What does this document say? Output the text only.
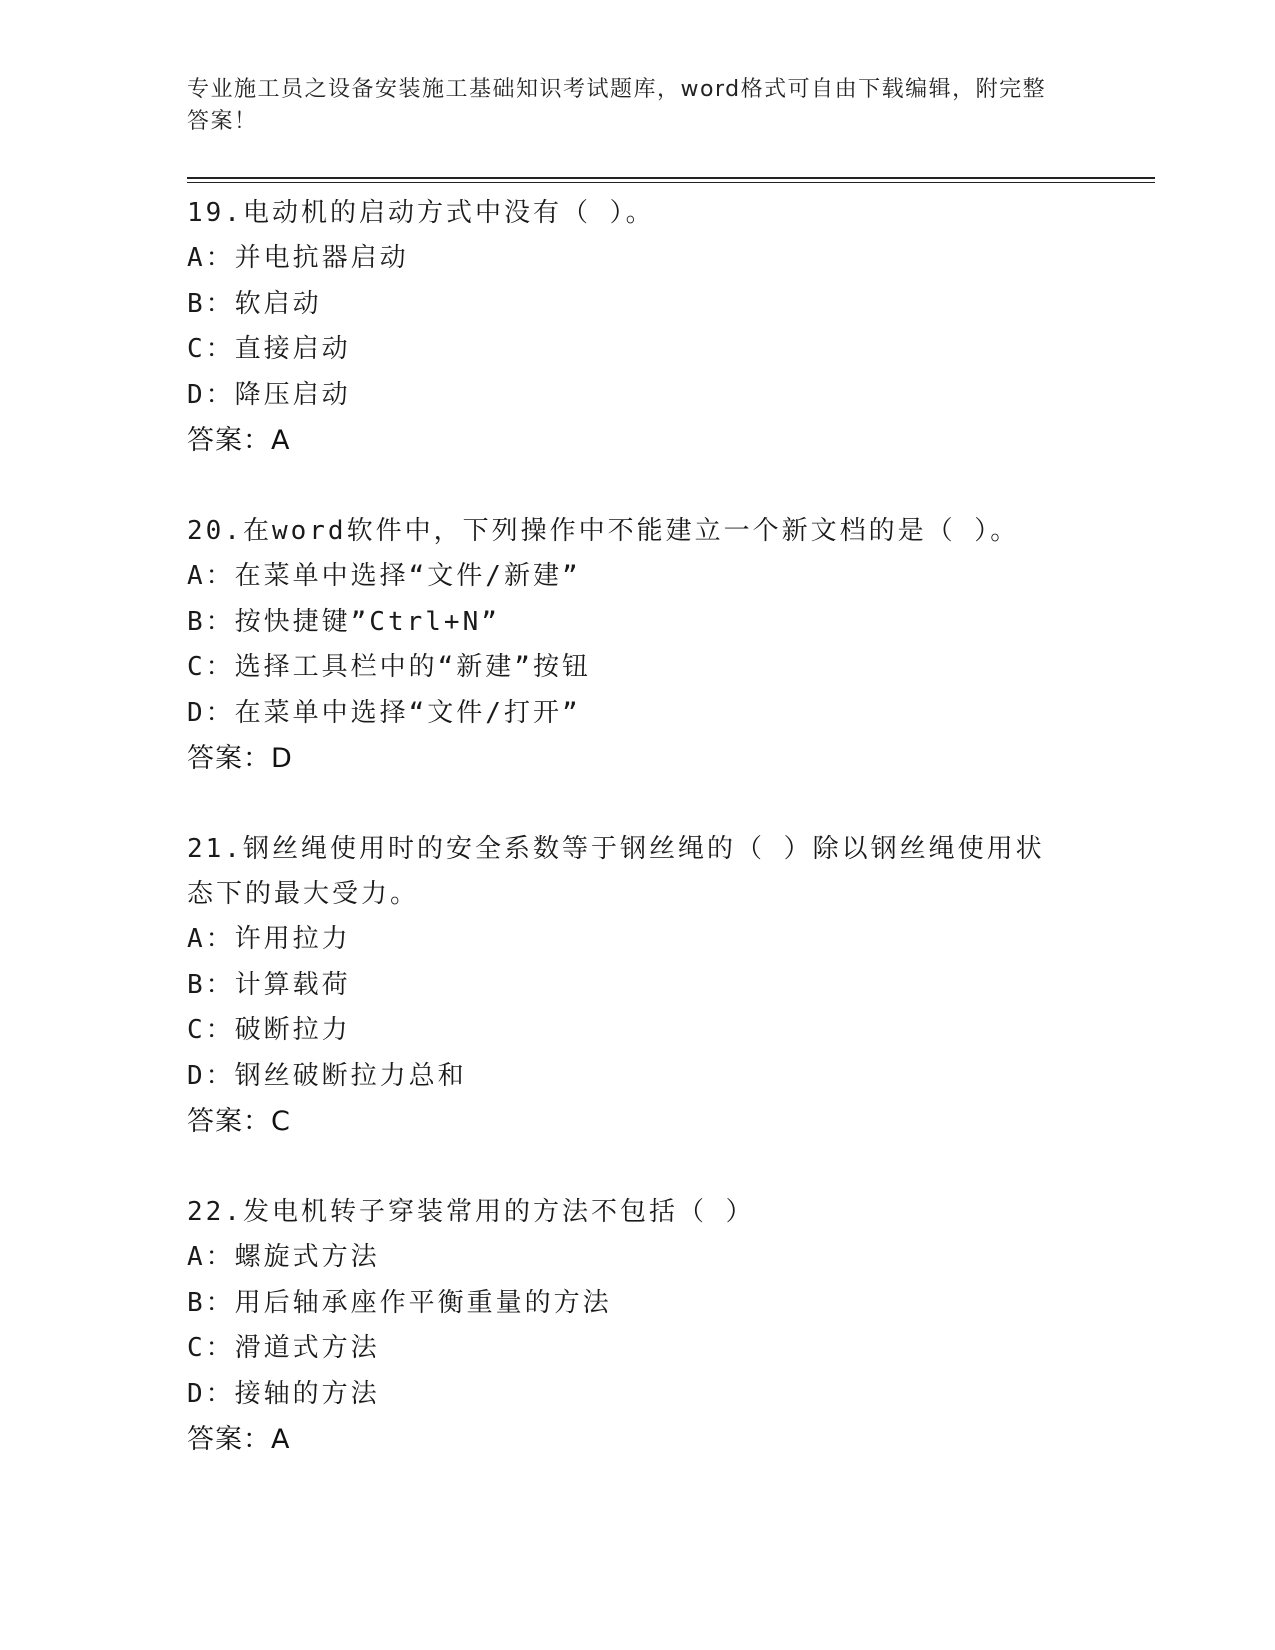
专业施工员之设备安装施工基础知识考试题库，word格式可自由下载编辑，附完整答案！

19.电动机的启动方式中没有（ ）。

A：并电抗器启动

B：软启动

C：直接启动

D：降压启动

答案：A

20.在word软件中，下列操作中不能建立一个新文档的是（ ）。

A：在菜单中选择“文件/新建”

B：按快捷键”Ctrl+N”

C：选择工具栏中的“新建”按钮

D：在菜单中选择“文件/打开”

答案：D

21.钢丝绳使用时的安全系数等于钢丝绳的（ ）除以钢丝绳使用状态下的最大受力。

A：许用拉力

B：计算载荷

C：破断拉力

D：钢丝破断拉力总和

答案：C

22.发电机转子穿装常用的方法不包括（ ）

A：螺旋式方法

B：用后轴承座作平衡重量的方法

C：滑道式方法

D：接轴的方法

答案：A
